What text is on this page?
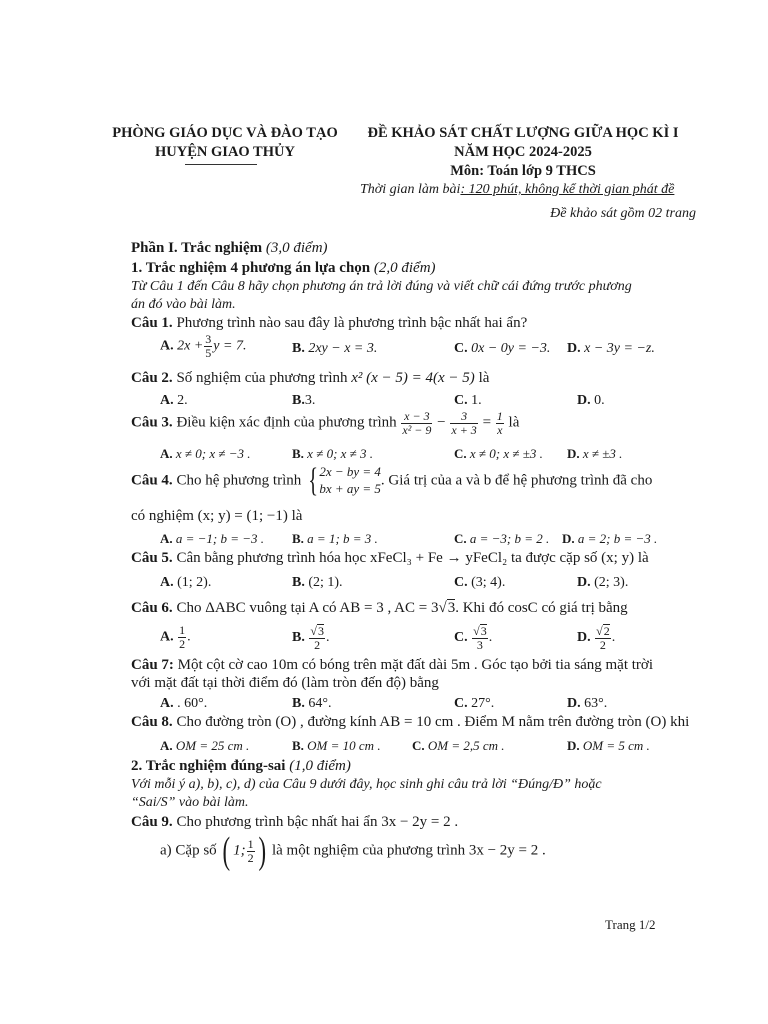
PHÒNG GIÁO DỤC VÀ ĐÀO TẠO
HUYỆN GIAO THỦY
ĐỀ KHẢO SÁT CHẤT LƯỢNG GIỮA HỌC KÌ I
NĂM HỌC 2024-2025
Môn: Toán lớp 9 THCS
Thời gian làm bài: 120 phút, không kể thời gian phát đề
Đề khảo sát gồm 02 trang
Phần I. Trắc nghiệm (3,0 điểm)
1. Trắc nghiệm 4 phương án lựa chọn (2,0 điểm)
Từ Câu 1 đến Câu 8 hãy chọn phương án trả lời đúng và viết chữ cái đứng trước phương
án đó vào bài làm.
Câu 1. Phương trình nào sau đây là phương trình bậc nhất hai ẩn?
A. $2x + \frac{3}{5}$ y = 7.	B. 2xy − x = 3.	C. 0x − 0y = −3. D. x − 3y = −z.
Câu 2. Số nghiệm của phương trình x² (x − 5) = 4(x − 5) là
A. 2.	B.3.	C. 1.	D. 0.
Câu 3. Điều kiện xác định của phương trình $\frac{x - 3}{\text{x² − 9}} - \frac{3}{x + 3} = \frac{1}{x}$ là
A. x ≠ 0; x ≠ −3 .	B. x ≠ 0; x ≠ 3 .	C. x ≠ 0; x ≠ ±3 . D. x ≠ ±3 .
Câu 4. Cho hệ phương trình { 2x − by = 4
bx + ay = 5
. Giá trị của a và b để hệ phương trình đã cho
có nghiệm (x; y) = (1; −1) là
A. a = −1; b = −3 . B. a = 1; b = 3 .	C. a = −3; b = 2 . D. a = 2; b = −3 .
Câu 5. Cân bằng phương trình hóa học xFeCl₃ + Fe → yFeCl₂ ta được cặp số (x; y) là
A. (1; 2).	B. (2; 1).	C. (3; 4).	D. (2; 3).
Câu 6. Cho ΔABC vuông tại A có AB = 3 , AC = 3√3. Khi đó cosC có giá trị bằng
A. $\frac{1}{2}$ .	B. $\frac{√3}{2}$ .	C. $\frac{√3}{3}$ .	D. $\frac{√2}{2}$ .
Câu 7: Một cột cờ cao 10m có bóng trên mặt đất dài 5m . Góc tạo bởi tia sáng mặt trời
với mặt đất tại thời điểm đó (làm tròn đến độ) bằng
A. . 60°.	B. 64°.	C. 27°.	D. 63°.
Câu 8. Cho đường tròn (O) , đường kính AB = 10 cm . Điểm M nằm trên đường tròn (O) khi
A. OM = 25 cm .	B. OM = 10 cm . C. OM = 2,5 cm .	D. OM = 5 cm .
2. Trắc nghiệm đúng-sai (1,0 điểm)
Với mỗi ý a), b), c), d) của Câu 9 dưới đây, học sinh ghi câu trả lời “Đúng/Đ” hoặc
“Sai/S” vào bài làm.
Câu 9. Cho phương trình bậc nhất hai ẩn 3x − 2y = 2 .
a) Cặp số ( 1; $\frac{1}{2}$ ) là một nghiệm của phương trình 3x − 2y = 2 .
Trang 1/2
